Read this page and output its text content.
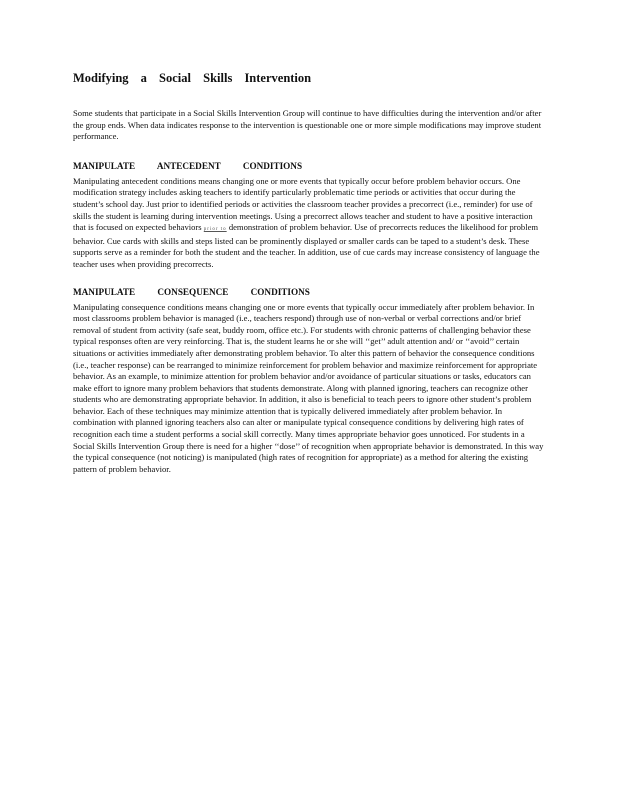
Modifying a Social Skills Intervention

Some students that participate in a Social Skills Intervention Group will continue to have difficulties during the intervention and/or after the group ends. When data indicates response to the intervention is questionable one or more simple modifications may improve student performance.

MANIPULATE ANTECEDENT CONDITIONS

Manipulating antecedent conditions means changing one or more events that typically occur before problem behavior occurs. One modification strategy includes asking teachers to identify particularly problematic time periods or activities that occur during the student’s school day. Just prior to identified periods or activities the classroom teacher provides a precorrect (i.e., reminder) for use of skills the student is learning during intervention meetings. Using a precorrect allows teacher and student to have a positive interaction that is focused on expected behaviors prior to demonstration of problem behavior. Use of precorrects reduces the likelihood for problem behavior. Cue cards with skills and steps listed can be prominently displayed or smaller cards can be taped to a student’s desk. These supports serve as a reminder for both the student and the teacher. In addition, use of cue cards may increase consistency of language the teacher uses when providing precorrects.

MANIPULATE CONSEQUENCE CONDITIONS

Manipulating consequence conditions means changing one or more events that typically occur immediately after problem behavior. In most classrooms problem behavior is managed (i.e., teachers respond) through use of non-verbal or verbal corrections and/or brief removal of student from activity (safe seat, buddy room, office etc.). For students with chronic patterns of challenging behavior these typical responses often are very reinforcing. That is, the student learns he or she will ‘‘get’’ adult attention and/ or ‘‘avoid’’ certain situations or activities immediately after demonstrating problem behavior. To alter this pattern of behavior the consequence conditions (i.e., teacher response) can be rearranged to minimize reinforcement for problem behavior and maximize reinforcement for appropriate behavior. As an example, to minimize attention for problem behavior and/or avoidance of particular situations or tasks, educators can make effort to ignore many problem behaviors that students demonstrate. Along with planned ignoring, teachers can recognize other students who are demonstrating appropriate behavior. In addition, it also is beneficial to teach peers to ignore other student’s problem behavior. Each of these techniques may minimize attention that is typically delivered immediately after problem behavior. In combination with planned ignoring teachers also can alter or manipulate typical consequence conditions by delivering high rates of recognition each time a student performs a social skill correctly. Many times appropriate behavior goes unnoticed. For students in a Social Skills Intervention Group there is need for a higher ‘‘dose’’ of recognition when appropriate behavior is demonstrated. In this way the typical consequence (not noticing) is manipulated (high rates of recognition for appropriate) as a method for altering the existing pattern of problem behavior.
